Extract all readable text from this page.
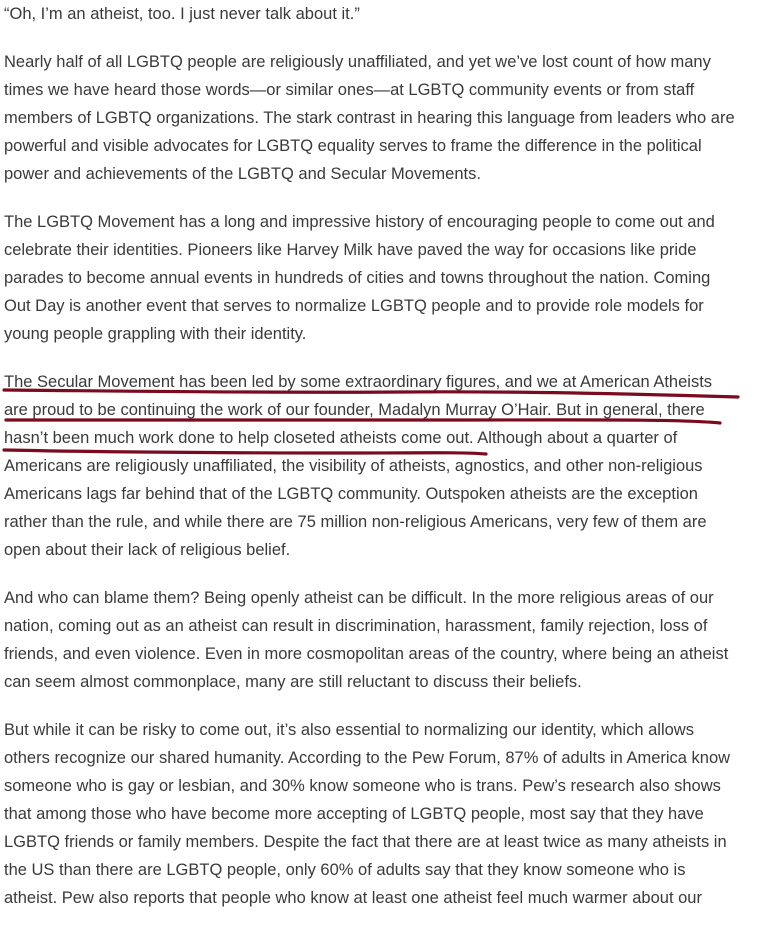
“Oh, I’m an atheist, too. I just never talk about it.”

Nearly half of all LGBTQ people are religiously unaffiliated, and yet we’ve lost count of how many
times we have heard those words—or similar ones—at LGBTQ community events or from staff
members of LGBTQ organizations. The stark contrast in hearing this language from leaders who are
powerful and visible advocates for LGBTQ equality serves to frame the difference in the political
power and achievements of the LGBTQ and Secular Movements.

The LGBTQ Movement has a long and impressive history of encouraging people to come out and
celebrate their identities. Pioneers like Harvey Milk have paved the way for occasions like pride
parades to become annual events in hundreds of cities and towns throughout the nation. Coming
Out Day is another event that serves to normalize LGBTQ people and to provide role models for
young people grappling with their identity.

The Secular Movement has been led by some extraordinary figures, and we at American Atheists
are proud to be continuing the work of our founder, Madalyn Murray O’Hair. But in general, there
hasn’t been much work done to help closeted atheists come out. Although about a quarter of
Americans are religiously unaffiliated, the visibility of atheists, agnostics, and other non-religious
Americans lags far behind that of the LGBTQ community. Outspoken atheists are the exception
rather than the rule, and while there are 75 million non-religious Americans, very few of them are
open about their lack of religious belief.

And who can blame them? Being openly atheist can be difficult. In the more religious areas of our
nation, coming out as an atheist can result in discrimination, harassment, family rejection, loss of
friends, and even violence. Even in more cosmopolitan areas of the country, where being an atheist
can seem almost commonplace, many are still reluctant to discuss their beliefs.

But while it can be risky to come out, it’s also essential to normalizing our identity, which allows
others recognize our shared humanity. According to the Pew Forum, 87% of adults in America know
someone who is gay or lesbian, and 30% know someone who is trans. Pew’s research also shows
that among those who have become more accepting of LGBTQ people, most say that they have
LGBTQ friends or family members. Despite the fact that there are at least twice as many atheists in
the US than there are LGBTQ people, only 60% of adults say that they know someone who is
atheist. Pew also reports that people who know at least one atheist feel much warmer about our
